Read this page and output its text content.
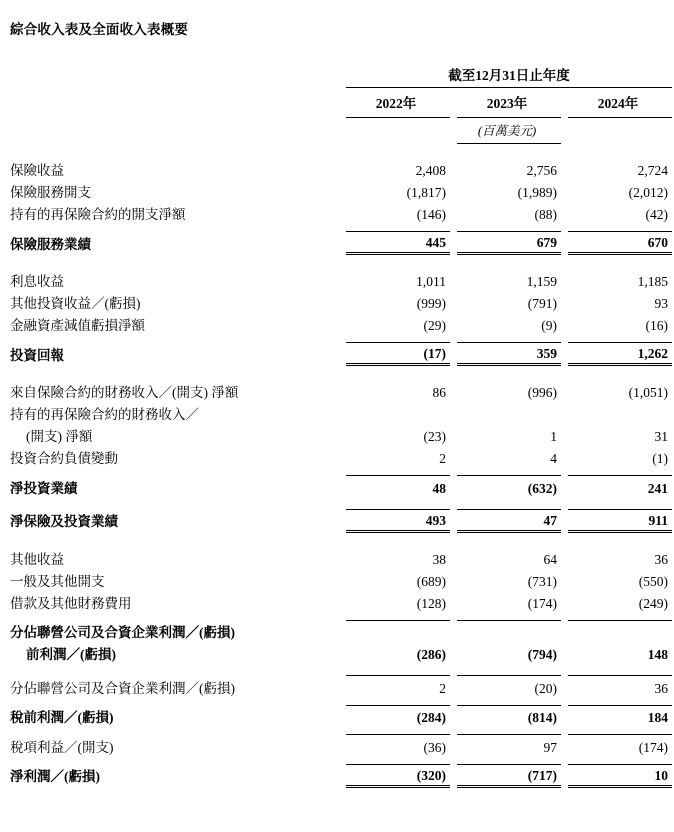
綜合收入表及全面收入表概要
	截至12月31日止年度				

	2022年		2023年		2024年
			(百萬美元)		

保險收益	2,408		2,756		2,724
保險服務開支	(1,817)		(1,989)		(2,012)
持有的再保險合約的開支淨額	(146)		(88)		(42)

保險服務業績	445		679		670

利息收益	1,011		1,159		1,185
其他投資收益／(虧損)	(999)		(791)		93
金融資產減值虧損淨額	(29)		(9)		(16)

投資回報	(17)		359		1,262

來自保險合約的財務收入／(開支) 淨額	86		(996)		(1,051)
持有的再保險合約的財務收入／					
(開支) 淨額	(23)		1		31
投資合約負債變動	2		4		(1)

淨投資業績	48		(632)		241

淨保險及投資業績	493		47		911

其他收益	38		64		36
一般及其他開支	(689)		(731)		(550)
借款及其他財務費用	(128)		(174)		(249)

分佔聯營公司及合資企業利潤／(虧損)					
前利潤／(虧損)	(286)		(794)		148

分佔聯營公司及合資企業利潤／(虧損)	2		(20)		36

稅前利潤／(虧損)	(284)		(814)		184

稅項利益／(開支)	(36)		97		(174)

淨利潤／(虧損)	(320)		(717)		10
